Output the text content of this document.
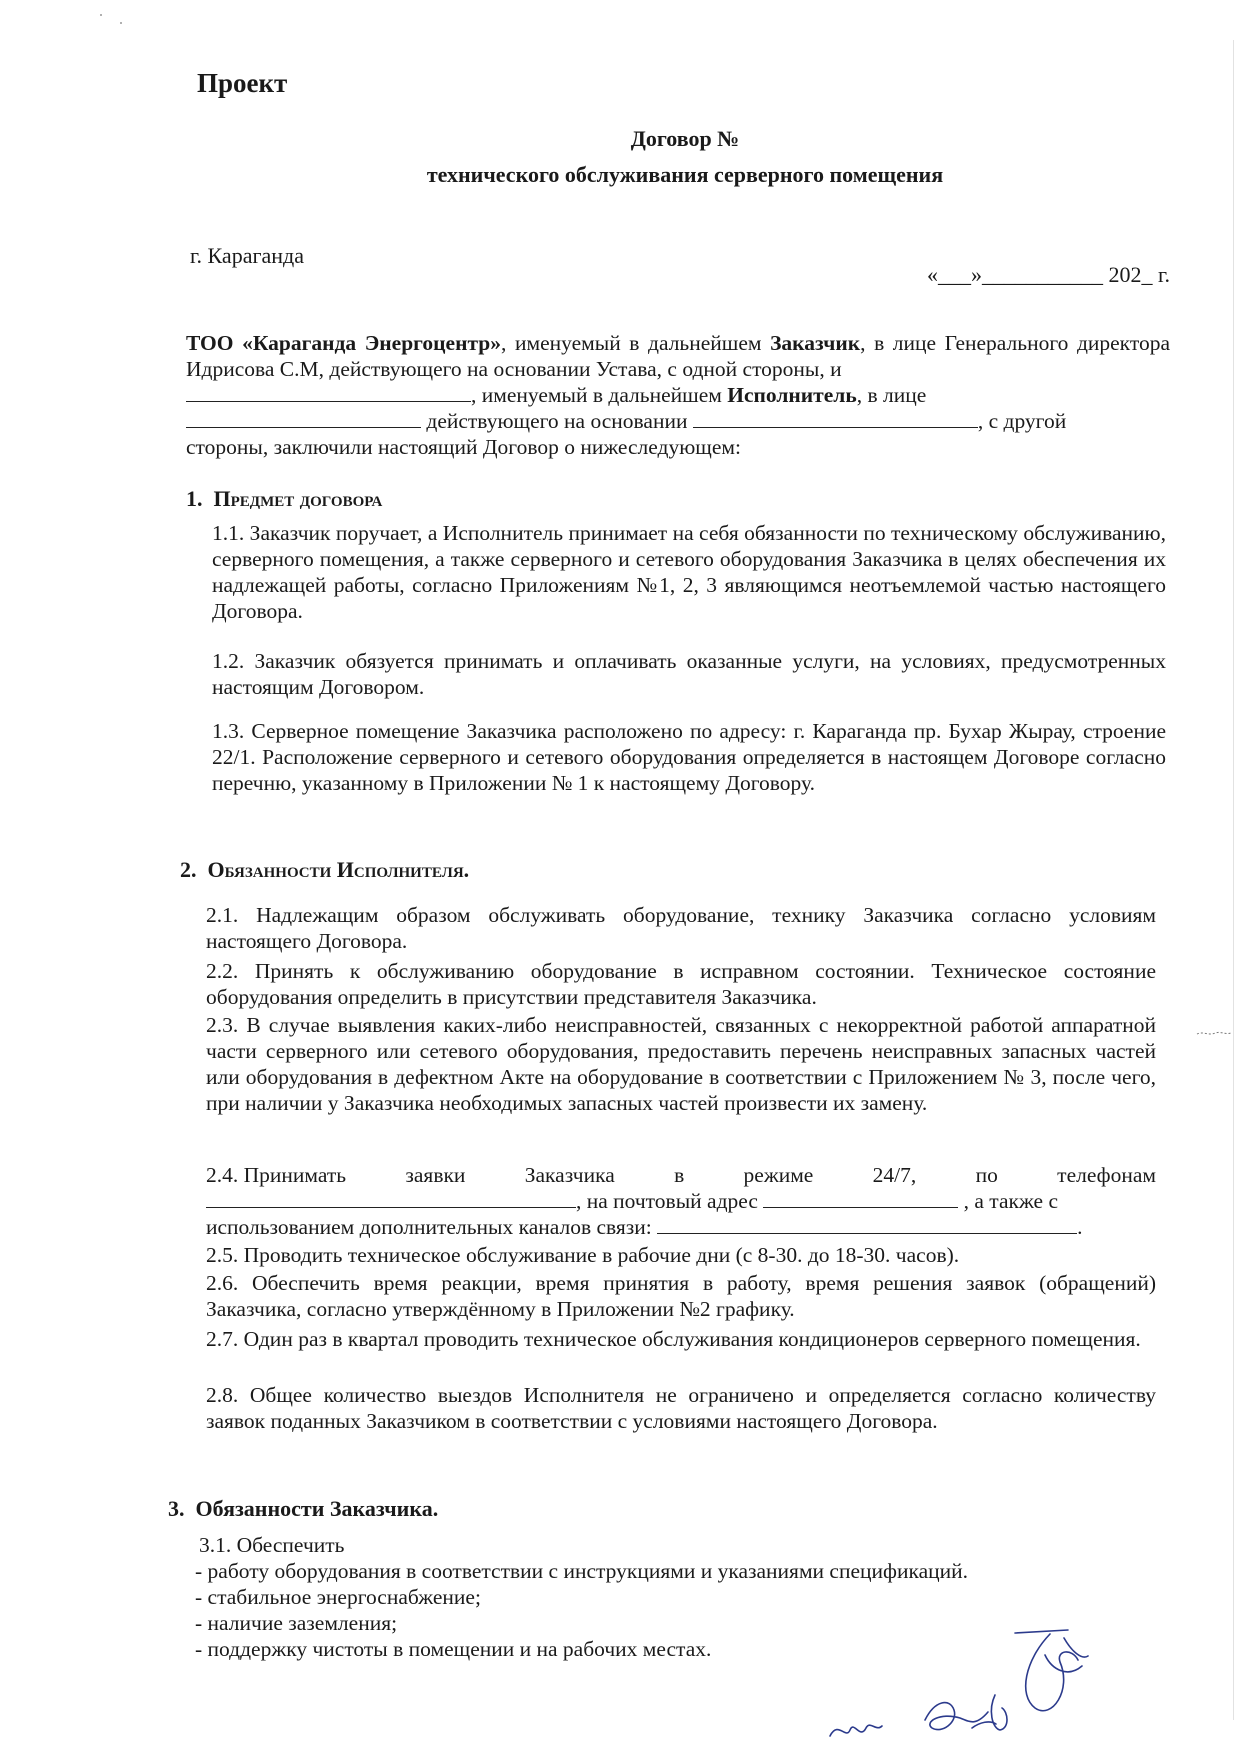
Проект
Договор №
технического обслуживания серверного помещения
г. Караганда
«___»___________ 202_ г.
ТОО «Караганда Энергоцентр», именуемый в дальнейшем Заказчик, в лице Генерального директора Идрисова С.М, действующего на основании Устава, с одной стороны, и
, именуемый в дальнейшем Исполнитель, в лице
действующего на основании	, с другой
стороны, заключили настоящий Договор о нижеследующем:
1. Предмет договора
1.1. Заказчик поручает, а Исполнитель принимает на себя обязанности по техническому обслуживанию, серверного помещения, а также серверного и сетевого оборудования Заказчика в целях обеспечения их надлежащей работы, согласно Приложениям №1, 2, 3 являющимся неотъемлемой частью настоящего Договора.
1.2. Заказчик обязуется принимать и оплачивать оказанные услуги, на условиях, предусмотренных настоящим Договором.
1.3. Серверное помещение Заказчика расположено по адресу: г. Караганда пр. Бухар Жырау, строение 22/1. Расположение серверного и сетевого оборудования определяется в настоящем Договоре согласно перечню, указанному в Приложении № 1 к настоящему Договору.
2. Обязанности Исполнителя.
2.1. Надлежащим образом обслуживать оборудование, технику Заказчика согласно условиям настоящего Договора.
2.2. Принять к обслуживанию оборудование в исправном состоянии. Техническое состояние оборудования определить в присутствии представителя Заказчика.
2.3. В случае выявления каких-либо неисправностей, связанных с некорректной работой аппаратной части серверного или сетевого оборудования, предоставить перечень неисправных запасных частей или оборудования в дефектном Акте на оборудование в соответствии с Приложением № 3, после чего, при наличии у Заказчика необходимых запасных частей произвести их замену.
2.4. Принимать	заявки	Заказчика	в	режиме	24/7,	по	телефонам
, на почтовый адрес	, а также с
использованием дополнительных каналов связи:	.
2.5. Проводить техническое обслуживание в рабочие дни (с 8-30. до 18-30. часов).
2.6. Обеспечить время реакции, время принятия в работу, время решения заявок (обращений) Заказчика, согласно утверждённому в Приложении №2 графику.
2.7. Один раз в квартал проводить техническое обслуживания кондиционеров серверного помещения.
2.8. Общее количество выездов Исполнителя не ограничено и определяется согласно количеству заявок поданных Заказчиком в соответствии с условиями настоящего Договора.
3. Обязанности Заказчика.
3.1. Обеспечить
- работу оборудования в соответствии с инструкциями и указаниями спецификаций.
- стабильное энергоснабжение;
- наличие заземления;
- поддержку чистоты в помещении и на рабочих местах.
